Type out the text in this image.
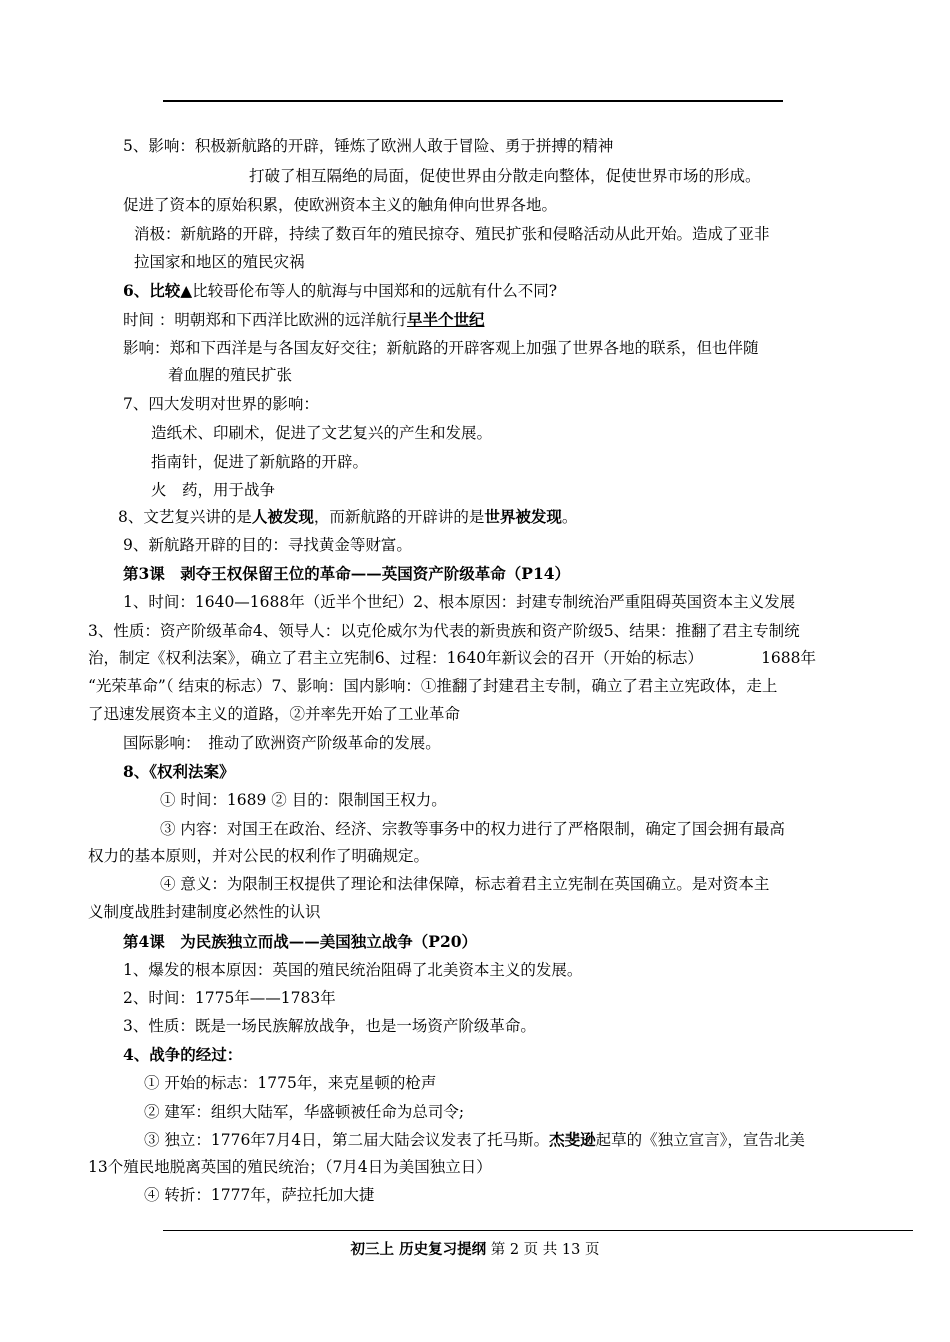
5、影响：积极新航路的开辟，锤炼了欧洲人敢于冒险、勇于拼搏的精神
打破了相互隔绝的局面，促使世界由分散走向整体，促使世界市场的形成。
促进了资本的原始积累，使欧洲资本主义的触角伸向世界各地。
消极：新航路的开辟，持续了数百年的殖民掠夺、殖民扩张和侵略活动从此开始。造成了亚非
拉国家和地区的殖民灾祸
6、比较▲比较哥伦布等人的航海与中国郑和的远航有什么不同?
时间 ：明朝郑和下西洋比欧洲的远洋航行早半个世纪
影响：郑和下西洋是与各国友好交往；新航路的开辟客观上加强了世界各地的联系，但也伴随
着血腥的殖民扩张
7、四大发明对世界的影响：
造纸术、印刷术，促进了文艺复兴的产生和发展。
指南针，促进了新航路的开辟。
火　药，用于战争
8、文艺复兴讲的是人被发现，而新航路的开辟讲的是世界被发现。
9、新航路开辟的目的：寻找黄金等财富。
第3课　剥夺王权保留王位的革命——英国资产阶级革命（P14）
1、时间：1640—1688年（近半个世纪）2、根本原因：封建专制统治严重阻碍英国资本主义发展
3、性质：资产阶级革命4、领导人：以克伦威尔为代表的新贵族和资产阶级5、结果：推翻了君主专制统
治，制定《权利法案》，确立了君主立宪制6、过程：1640年新议会的召开（开始的标志）	1688年
“光荣革命”（ 结束的标志）7、影响：国内影响：①推翻了封建君主专制，确立了君主立宪政体，走上
了迅速发展资本主义的道路，②并率先开始了工业革命
国际影响：　推动了欧洲资产阶级革命的发展。
8、《权利法案》
① 时间：1689 ② 目的：限制国王权力。
③ 内容：对国王在政治、经济、宗教等事务中的权力进行了严格限制，确定了国会拥有最高
权力的基本原则，并对公民的权利作了明确规定。
④ 意义：为限制王权提供了理论和法律保障，标志着君主立宪制在英国确立。是对资本主
义制度战胜封建制度必然性的认识
第4课　为民族独立而战——美国独立战争（P20）
1、爆发的根本原因：英国的殖民统治阻碍了北美资本主义的发展。
2、时间：1775年——1783年
3、性质：既是一场民族解放战争，也是一场资产阶级革命。
4、战争的经过：
① 开始的标志：1775年，来克星顿的枪声
② 建军：组织大陆军，华盛顿被任命为总司令;
③ 独立：1776年7月4日，第二届大陆会议发表了托马斯。杰斐逊起草的《独立宣言》，宣告北美
13个殖民地脱离英国的殖民统治；（7月4日为美国独立日）
④ 转折：1777年，萨拉托加大捷
初三上 历史复习提纲 第 2 页 共 13 页
